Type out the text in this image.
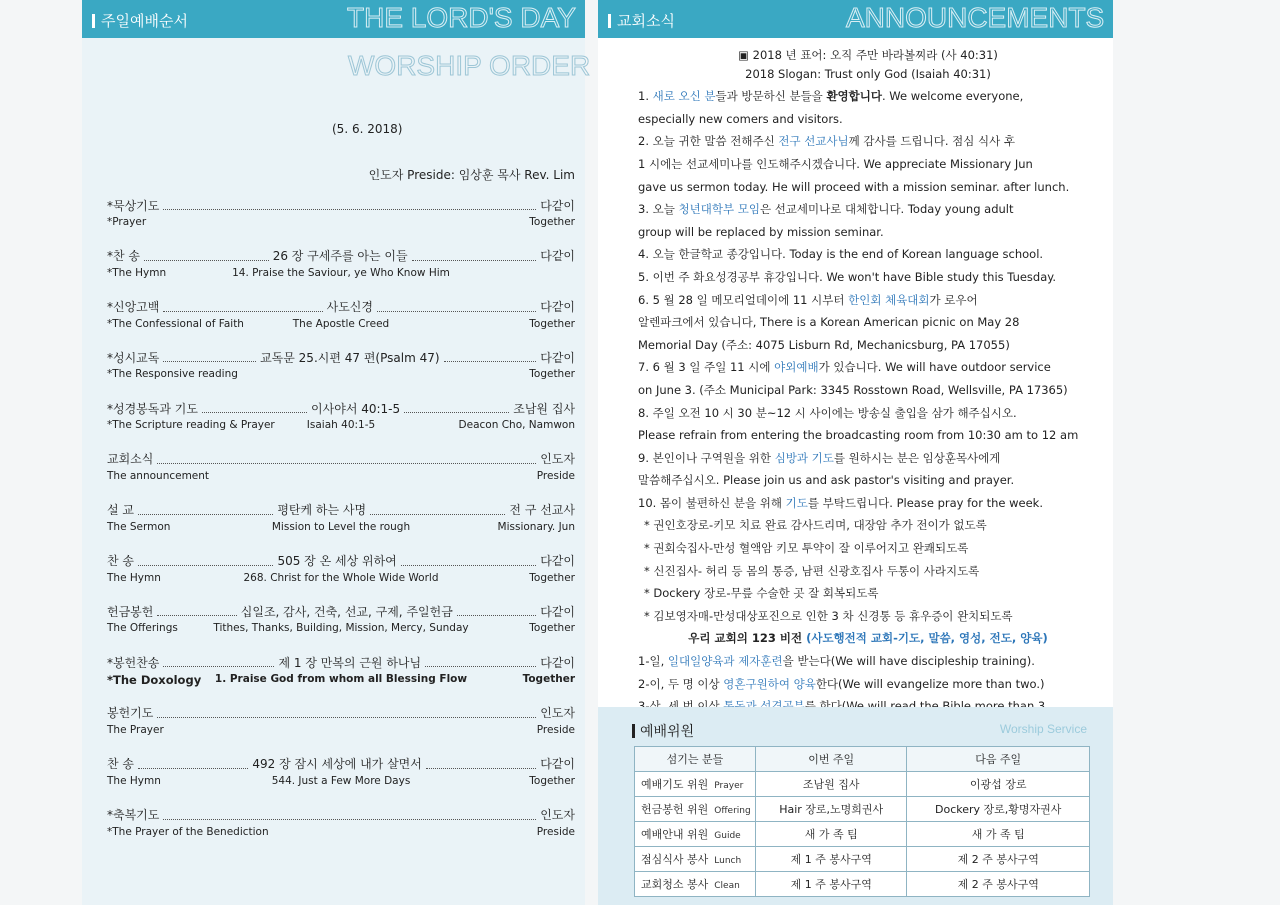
주일예배순서	THE LORD'S DAY
WORSHIP ORDER
(5. 6. 2018)
인도자 Preside: 임상훈 목사 Rev. Lim
*묵상기도	다같이
*Prayer	Together
*찬 송	26 장 구세주를 아는 이들	다같이
*The Hymn	14. Praise the Saviour, ye Who Know Him
*신앙고백	사도신경	다같이
*The Confessional of Faith	The Apostle Creed	Together
*성시교독	교독문 25.시편 47 편(Psalm 47)	다같이
*The Responsive reading	Together
*성경봉독과 기도	이사야서 40:1-5	조남원 집사
*The Scripture reading & Prayer	Isaiah 40:1-5	Deacon Cho, Namwon
교회소식	인도자
The announcement	Preside
설 교	평탄케 하는 사명	전 구 선교사
The Sermon	Mission to Level the rough	Missionary. Jun
찬 송	505 장 온 세상 위하여	다같이
The Hymn	268. Christ for the Whole Wide World	Together
헌금봉헌	십일조, 감사, 건축, 선교, 구제, 주일헌금	다같이
The Offerings	Tithes, Thanks, Building, Mission, Mercy, Sunday	Together
*봉헌찬송	제 1 장 만복의 근원 하나님	다같이
*The Doxology	1. Praise God from whom all Blessing Flow	Together
봉헌기도	인도자
The Prayer	Preside
찬 송	492 장 잠시 세상에 내가 살면서	다같이
The Hymn	544. Just a Few More Days	Together
*축복기도	인도자
*The Prayer of the Benediction	Preside
교회소식	ANNOUNCEMENTS
▣ 2018 년 표어: 오직 주만 바라볼찌라 (사 40:31)
2018 Slogan: Trust only God (Isaiah 40:31)
1. 새로 오신 분들과 방문하신 분들을 환영합니다. We welcome everyone,
especially new comers and visitors.
2. 오늘 귀한 말씀 전해주신 전구 선교사님께 감사를 드립니다. 점심 식사 후
1 시에는 선교세미나를 인도해주시겠습니다. We appreciate Missionary Jun
gave us sermon today. He will proceed with a mission seminar. after lunch.
3. 오늘 청년대학부 모임은 선교세미나로 대체합니다. Today young adult
group will be replaced by mission seminar.
4. 오늘 한글학교 종강입니다. Today is the end of Korean language school.
5. 이번 주 화요성경공부 휴강입니다. We won't have Bible study this Tuesday.
6. 5 월 28 일 메모리얼데이에 11 시부터 한인회 체육대회가 로우어
알렌파크에서 있습니다, There is a Korean American picnic on May 28
Memorial Day (주소: 4075 Lisburn Rd, Mechanicsburg, PA 17055)
7. 6 월 3 일 주일 11 시에 야외예배가 있습니다. We will have outdoor service
on June 3. (주소 Municipal Park: 3345 Rosstown Road, Wellsville, PA 17365)
8. 주일 오전 10 시 30 분~12 시 사이에는 방송실 출입을 삼가 해주십시오.
Please refrain from entering the broadcasting room from 10:30 am to 12 am
9. 본인이나 구역원을 위한 심방과 기도를 원하시는 분은 임상훈목사에게
말씀해주십시오. Please join us and ask pastor's visiting and prayer.
10. 몸이 불편하신 분을 위해 기도를 부탁드립니다. Please pray for the week.
* 권인호장로-키모 치료 완료 감사드리며, 대장암 추가 전이가 없도록
* 권회숙집사-만성 혈액암 키모 투약이 잘 이루어지고 완쾌되도록
* 신진집사- 허리 등 몸의 통증, 남편 신광호집사 두통이 사라지도록
* Dockery 장로-무릎 수술한 곳 잘 회복되도록
* 김보영자매-만성대상포진으로 인한 3 차 신경통 등 휴우증이 완치되도록
우리 교회의 123 비전 (사도행전적 교회-기도, 말씀, 영성, 전도, 양육)
1-일, 일대일양육과 제자훈련을 받는다(We will have discipleship training).
2-이, 두 명 이상 영혼구원하여 양육한다(We will evangelize more than two.)
예배위원	Worship Service
섬기는 분들	이번 주일	다음 주일
예배기도 위원 Prayer	조남원 집사	이광섭 장로
헌금봉헌 위원 Offering	Hair 장로,노명희권사	Dockery 장로,황명자권사
예배안내 위원 Guide	새 가 족 팀	새 가 족 팀
점심식사 봉사 Lunch	제 1 주 봉사구역	제 2 주 봉사구역
교회청소 봉사 Clean	제 1 주 봉사구역	제 2 주 봉사구역
